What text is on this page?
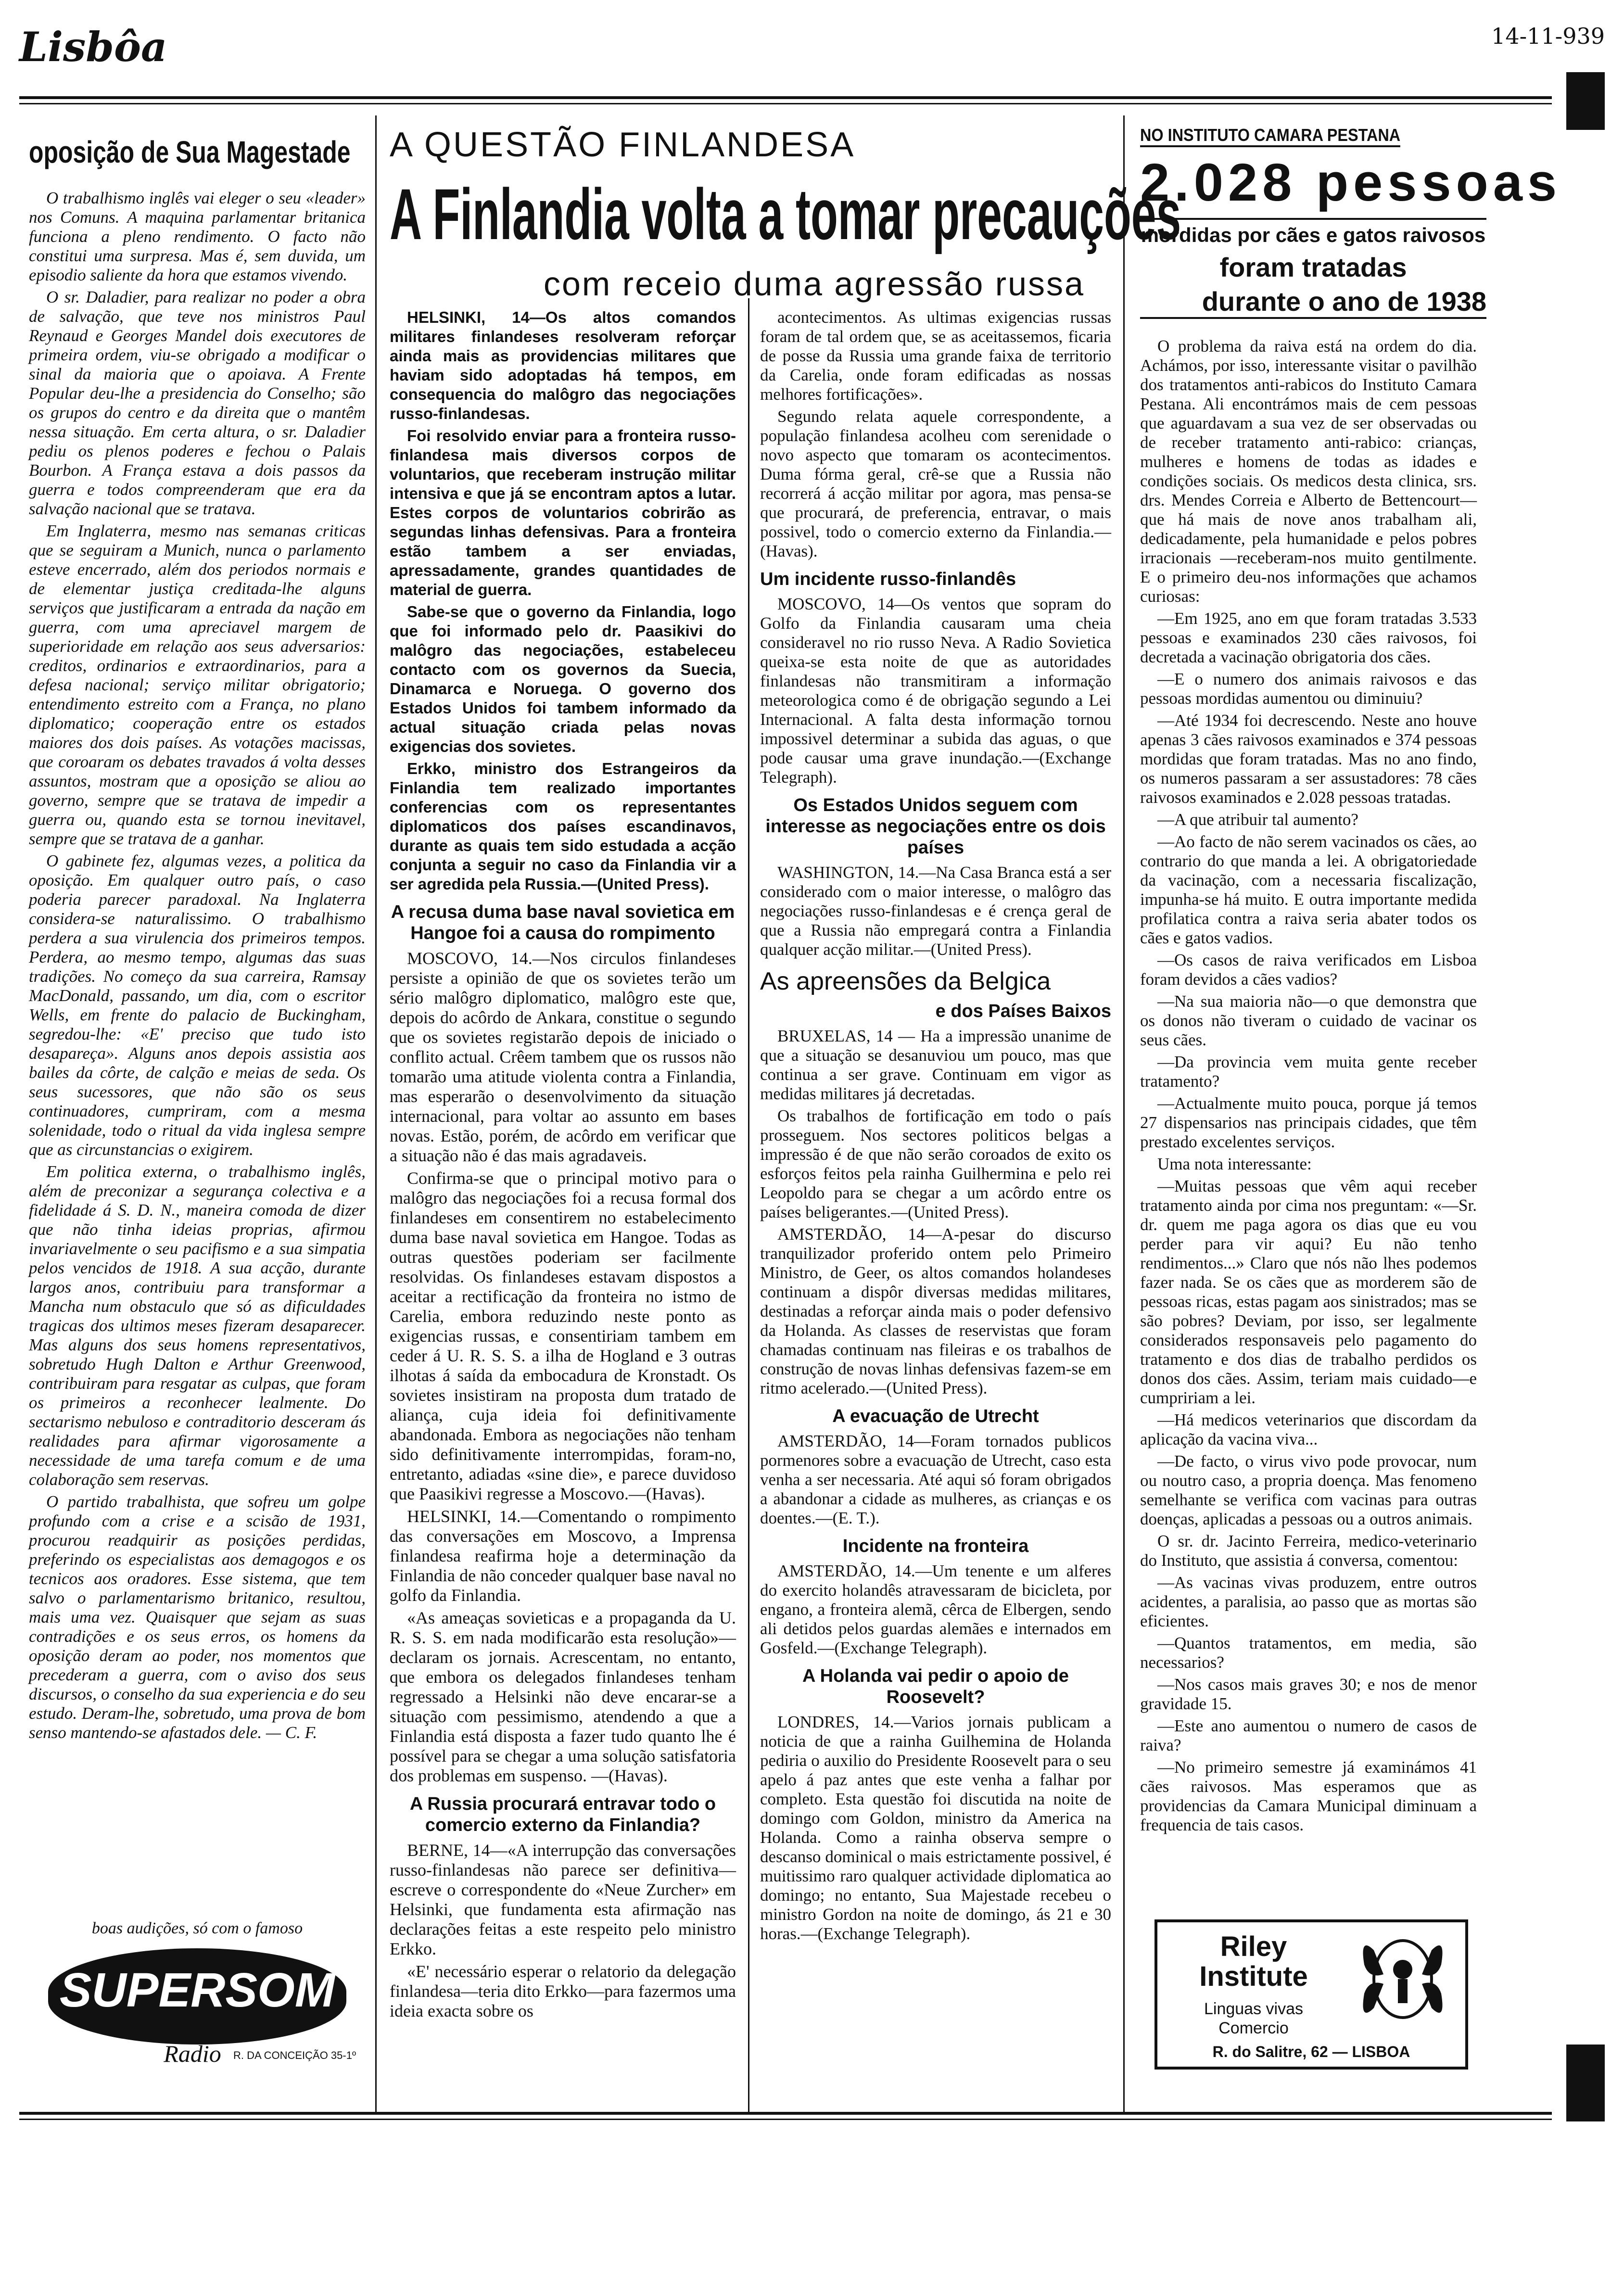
Lisbôa	14-11-939
oposição de Sua Magestade

O trabalhismo inglês vai eleger o seu «leader» nos Comuns. A maquina parlamentar britanica funciona a pleno rendimento. O facto não constitui uma surpresa. Mas é, sem duvida, um episodio saliente da hora que estamos vivendo.

O sr. Daladier, para realizar no poder a obra de salvação, que teve nos ministros Paul Reynaud e Georges Mandel dois executores de primeira ordem, viu-se obrigado a modificar o sinal da maioria que o apoiava. A Frente Popular deu-lhe a presidencia do Conselho; são os grupos do centro e da direita que o mantêm nessa situação. Em certa altura, o sr. Daladier pediu os plenos poderes e fechou o Palais Bourbon. A França estava a dois passos da guerra e todos compreenderam que era da salvação nacional que se tratava.

Em Inglaterra, mesmo nas semanas criticas que se seguiram a Munich, nunca o parlamento esteve encerrado, além dos periodos normais e de elementar justiça creditada-lhe alguns serviços que justificaram a entrada da nação em guerra, com uma apreciavel margem de superioridade em relação aos seus adversarios: creditos, ordinarios e extraordinarios, para a defesa nacional; serviço militar obrigatorio; entendimento estreito com a França, no plano diplomatico; cooperação entre os estados maiores dos dois países. As votações macissas, que coroaram os debates travados á volta desses assuntos, mostram que a oposição se aliou ao governo, sempre que se tratava de impedir a guerra ou, quando esta se tornou inevitavel, sempre que se tratava de a ganhar.

O gabinete fez, algumas vezes, a politica da oposição. Em qualquer outro país, o caso poderia parecer paradoxal. Na Inglaterra considera-se naturalissimo. O trabalhismo perdera a sua virulencia dos primeiros tempos. Perdera, ao mesmo tempo, algumas das suas tradições. No começo da sua carreira, Ramsay MacDonald, passando, um dia, com o escritor Wells, em frente do palacio de Buckingham, segredou-lhe: «E' preciso que tudo isto desapareça». Alguns anos depois assistia aos bailes da côrte, de calção e meias de seda. Os seus sucessores, que não são os seus continuadores, cumpriram, com a mesma solenidade, todo o ritual da vida inglesa sempre que as circunstancias o exigirem.

Em politica externa, o trabalhismo inglês, além de preconizar a segurança colectiva e a fidelidade á S. D. N., maneira comoda de dizer que não tinha ideias proprias, afirmou invariavelmente o seu pacifismo e a sua simpatia pelos vencidos de 1918. A sua acção, durante largos anos, contribuiu para transformar a Mancha num obstaculo que só as dificuldades tragicas dos ultimos meses fizeram desaparecer. Mas alguns dos seus homens representativos, sobretudo Hugh Dalton e Arthur Greenwood, contribuiram para resgatar as culpas, que foram os primeiros a reconhecer lealmente. Do sectarismo nebuloso e contraditorio desceram ás realidades para afirmar vigorosamente a necessidade de uma tarefa comum e de uma colaboração sem reservas.

O partido trabalhista, que sofreu um golpe profundo com a crise e a scisão de 1931, procurou readquirir as posições perdidas, preferindo os especialistas aos demagogos e os tecnicos aos oradores. Esse sistema, que tem salvo o parlamentarismo britanico, resultou, mais uma vez. Quaisquer que sejam as suas contradições e os seus erros, os homens da oposição deram ao poder, nos momentos que precederam a guerra, com o aviso dos seus discursos, o conselho da sua experiencia e do seu estudo. Deram-lhe, sobretudo, uma prova de bom senso mantendo-se afastados dele. — C. F.

boas audições, só com o famoso
SUPERSOM
Radio	R. DA CONCEIÇÃO 35-1º
A QUESTÃO FINLANDESA
A Finlandia volta a tomar precauções
com receio duma agressão russa

HELSINKI, 14—Os altos comandos militares finlandeses resolveram reforçar ainda mais as providencias militares que haviam sido adoptadas há tempos, em consequencia do malôgro das negociações russo-finlandesas.

Foi resolvido enviar para a fronteira russo-finlandesa mais diversos corpos de voluntarios, que receberam instrução militar intensiva e que já se encontram aptos a lutar. Estes corpos de voluntarios cobrirão as segundas linhas defensivas. Para a fronteira estão tambem a ser enviadas, apressadamente, grandes quantidades de material de guerra.

Sabe-se que o governo da Finlandia, logo que foi informado pelo dr. Paasikivi do malôgro das negociações, estabeleceu contacto com os governos da Suecia, Dinamarca e Noruega. O governo dos Estados Unidos foi tambem informado da actual situação criada pelas novas exigencias dos sovietes.

Erkko, ministro dos Estrangeiros da Finlandia tem realizado importantes conferencias com os representantes diplomaticos dos países escandinavos, durante as quais tem sido estudada a acção conjunta a seguir no caso da Finlandia vir a ser agredida pela Russia.—(United Press).

A recusa duma base naval sovietica em Hangoe foi a causa do rompimento

MOSCOVO, 14.—Nos circulos finlandeses persiste a opinião de que os sovietes terão um sério malôgro diplomatico, malôgro este que, depois do acôrdo de Ankara, constitue o segundo que os sovietes registarão depois de iniciado o conflito actual. Crêem tambem que os russos não tomarão uma atitude violenta contra a Finlandia, mas esperarão o desenvolvimento da situação internacional, para voltar ao assunto em bases novas. Estão, porém, de acôrdo em verificar que a situação não é das mais agradaveis.

Confirma-se que o principal motivo para o malôgro das negociações foi a recusa formal dos finlandeses em consentirem no estabelecimento duma base naval sovietica em Hangoe. Todas as outras questões poderiam ser facilmente resolvidas. Os finlandeses estavam dispostos a aceitar a rectificação da fronteira no istmo de Carelia, embora reduzindo neste ponto as exigencias russas, e consentiriam tambem em ceder á U. R. S. S. a ilha de Hogland e 3 outras ilhotas á saída da embocadura de Kronstadt. Os sovietes insistiram na proposta dum tratado de aliança, cuja ideia foi definitivamente abandonada. Embora as negociações não tenham sido definitivamente interrompidas, foram-no, entretanto, adiadas «sine die», e parece duvidoso que Paasikivi regresse a Moscovo.—(Havas).

HELSINKI, 14.—Comentando o rompimento das conversações em Moscovo, a Imprensa finlandesa reafirma hoje a determinação da Finlandia de não conceder qualquer base naval no golfo da Finlandia.

«As ameaças sovieticas e a propaganda da U. R. S. S. em nada modificarão esta resolução»—declaram os jornais. Acrescentam, no entanto, que embora os delegados finlandeses tenham regressado a Helsinki não deve encarar-se a situação com pessimismo, atendendo a que a Finlandia está disposta a fazer tudo quanto lhe é possível para se chegar a uma solução satisfatoria dos problemas em suspenso. —(Havas).

A Russia procurará entravar todo o comercio externo da Finlandia?

BERNE, 14—«A interrupção das conversações russo-finlandesas não parece ser definitiva—escreve o correspondente do «Neue Zurcher» em Helsinki, que fundamenta esta afirmação nas declarações feitas a este respeito pelo ministro Erkko.

«E' necessário esperar o relatorio da delegação finlandesa—teria dito Erkko—para fazermos uma ideia exacta sobre os

acontecimentos. As ultimas exigencias russas foram de tal ordem que, se as aceitassemos, ficaria de posse da Russia uma grande faixa de territorio da Carelia, onde foram edificadas as nossas melhores fortificações».

Segundo relata aquele correspondente, a população finlandesa acolheu com serenidade o novo aspecto que tomaram os acontecimentos. Duma fórma geral, crê-se que a Russia não recorrerá á acção militar por agora, mas pensa-se que procurará, de preferencia, entravar, o mais possivel, todo o comercio externo da Finlandia.—(Havas).

Um incidente russo-finlandês

MOSCOVO, 14—Os ventos que sopram do Golfo da Finlandia causaram uma cheia consideravel no rio russo Neva. A Radio Sovietica queixa-se esta noite de que as autoridades finlandesas não transmitiram a informação meteorologica como é de obrigação segundo a Lei Internacional. A falta desta informação tornou impossivel determinar a subida das aguas, o que pode causar uma grave inundação.—(Exchange Telegraph).

Os Estados Unidos seguem com interesse as negociações entre os dois países

WASHINGTON, 14.—Na Casa Branca está a ser considerado com o maior interesse, o malôgro das negociações russo-finlandesas e é crença geral de que a Russia não empregará contra a Finlandia qualquer acção militar.—(United Press).

As apreensões da Belgica
e dos Países Baixos

BRUXELAS, 14 — Ha a impressão unanime de que a situação se desanuviou um pouco, mas que continua a ser grave. Continuam em vigor as medidas militares já decretadas.

Os trabalhos de fortificação em todo o país prosseguem. Nos sectores politicos belgas a impressão é de que não serão coroados de exito os esforços feitos pela rainha Guilhermina e pelo rei Leopoldo para se chegar a um acôrdo entre os países beligerantes.—(United Press).

AMSTERDÃO, 14—A-pesar do discurso tranquilizador proferido ontem pelo Primeiro Ministro, de Geer, os altos comandos holandeses continuam a dispôr diversas medidas militares, destinadas a reforçar ainda mais o poder defensivo da Holanda. As classes de reservistas que foram chamadas continuam nas fileiras e os trabalhos de construção de novas linhas defensivas fazem-se em ritmo acelerado.—(United Press).

A evacuação de Utrecht

AMSTERDÃO, 14—Foram tornados publicos pormenores sobre a evacuação de Utrecht, caso esta venha a ser necessaria. Até aqui só foram obrigados a abandonar a cidade as mulheres, as crianças e os doentes.—(E. T.).

Incidente na fronteira

AMSTERDÃO, 14.—Um tenente e um alferes do exercito holandês atravessaram de bicicleta, por engano, a fronteira alemã, cêrca de Elbergen, sendo ali detidos pelos guardas alemães e internados em Gosfeld.—(Exchange Telegraph).

A Holanda vai pedir o apoio de Roosevelt?

LONDRES, 14.—Varios jornais publicam a noticia de que a rainha Guilhemina de Holanda pediria o auxilio do Presidente Roosevelt para o seu apelo á paz antes que este venha a falhar por completo. Esta questão foi discutida na noite de domingo com Goldon, ministro da America na Holanda. Como a rainha observa sempre o descanso dominical o mais estrictamente possivel, é muitissimo raro qualquer actividade diplomatica ao domingo; no entanto, Sua Majestade recebeu o ministro Gordon na noite de domingo, ás 21 e 30 horas.—(Exchange Telegraph).

NO INSTITUTO CAMARA PESTANA
2.028 pessoas
mordidas por cães e gatos raivosos
foram tratadas
durante o ano de 1938

O problema da raiva está na ordem do dia. Achámos, por isso, interessante visitar o pavilhão dos tratamentos anti-rabicos do Instituto Camara Pestana. Ali encontrámos mais de cem pessoas que aguardavam a sua vez de ser observadas ou de receber tratamento anti-rabico: crianças, mulheres e homens de todas as idades e condições sociais. Os medicos desta clinica, srs. drs. Mendes Correia e Alberto de Bettencourt—que há mais de nove anos trabalham ali, dedicadamente, pela humanidade e pelos pobres irracionais —receberam-nos muito gentilmente. E o primeiro deu-nos informações que achamos curiosas:

—Em 1925, ano em que foram tratadas 3.533 pessoas e examinados 230 cães raivosos, foi decretada a vacinação obrigatoria dos cães.

—E o numero dos animais raivosos e das pessoas mordidas aumentou ou diminuiu?

—Até 1934 foi decrescendo. Neste ano houve apenas 3 cães raivosos examinados e 374 pessoas mordidas que foram tratadas. Mas no ano findo, os numeros passaram a ser assustadores: 78 cães raivosos examinados e 2.028 pessoas tratadas.

—A que atribuir tal aumento?

—Ao facto de não serem vacinados os cães, ao contrario do que manda a lei. A obrigatoriedade da vacinação, com a necessaria fiscalização, impunha-se há muito. E outra importante medida profilatica contra a raiva seria abater todos os cães e gatos vadios.

—Os casos de raiva verificados em Lisboa foram devidos a cães vadios?

—Na sua maioria não—o que demonstra que os donos não tiveram o cuidado de vacinar os seus cães.

—Da provincia vem muita gente receber tratamento?

—Actualmente muito pouca, porque já temos 27 dispensarios nas principais cidades, que têm prestado excelentes serviços.

Uma nota interessante:

—Muitas pessoas que vêm aqui receber tratamento ainda por cima nos preguntam: «—Sr. dr. quem me paga agora os dias que eu vou perder para vir aqui? Eu não tenho rendimentos...» Claro que nós não lhes podemos fazer nada. Se os cães que as morderem são de pessoas ricas, estas pagam aos sinistrados; mas se são pobres? Deviam, por isso, ser legalmente considerados responsaveis pelo pagamento do tratamento e dos dias de trabalho perdidos os donos dos cães. Assim, teriam mais cuidado—e cumpririam a lei.

—Há medicos veterinarios que discordam da aplicação da vacina viva...

—De facto, o virus vivo pode provocar, num ou noutro caso, a propria doença. Mas fenomeno semelhante se verifica com vacinas para outras doenças, aplicadas a pessoas ou a outros animais.

O sr. dr. Jacinto Ferreira, medico-veterinario do Instituto, que assistia á conversa, comentou:

—As vacinas vivas produzem, entre outros acidentes, a paralisia, ao passo que as mortas são eficientes.

—Quantos tratamentos, em media, são necessarios?

—Nos casos mais graves 30; e nos de menor gravidade 15.

—Este ano aumentou o numero de casos de raiva?

—No primeiro semestre já examinámos 41 cães raivosos. Mas esperamos que as providencias da Camara Municipal diminuam a frequencia de tais casos.

Riley
Institute
Linguas vivas
Comercio
R. do Salitre, 62 — LISBOA
